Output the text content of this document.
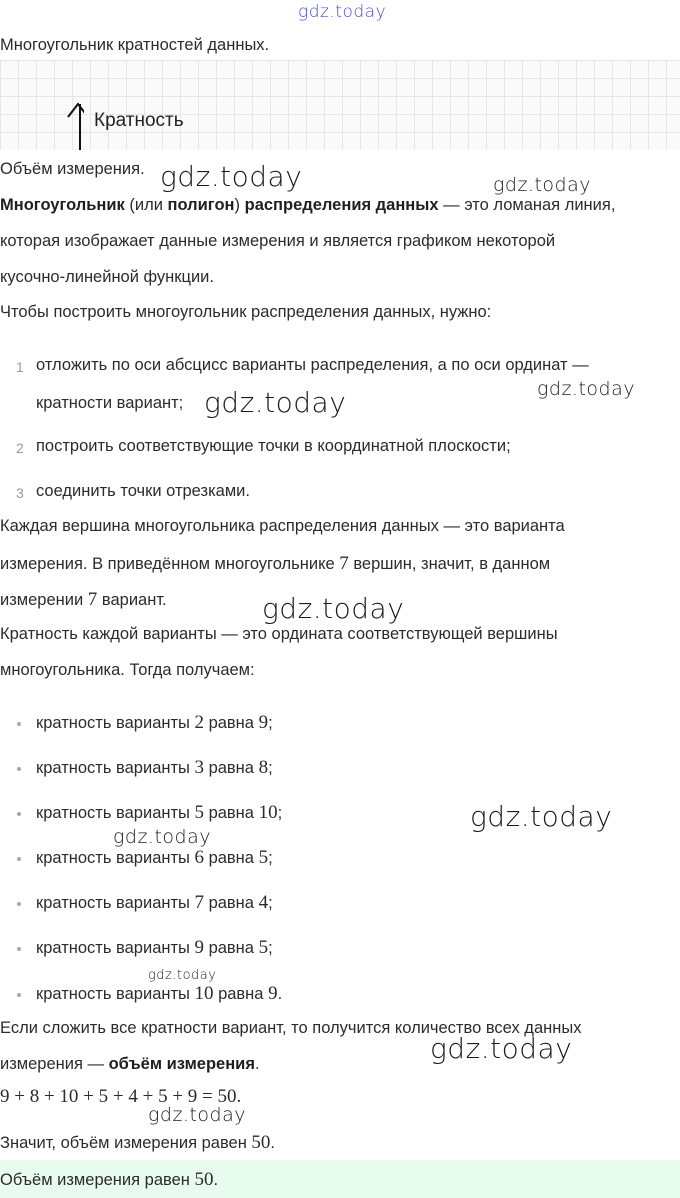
gdz.today
Многоугольник кратностей данных.
Кратность
Объём измерения. gdz.today	gdz.today
Многоугольник (или полигон) распределения данных — это ломаная линия,
которая изображает данные измерения и является графиком некоторой
кусочно-линейной функции.
Чтобы построить многоугольник распределения данных, нужно:
1 отложить по оси абсцисс варианты распределения, а по оси ординат —
кратности вариант; gdz.today	gdz.today
2 построить соответствующие точки в координатной плоскости;
3 соединить точки отрезками.
Каждая вершина многоугольника распределения данных — это варианта
измерения. В приведённом многоугольнике 7 вершин, значит, в данном
измерении 7 вариант.	gdz.today
Кратность каждой варианты — это ордината соответствующей вершины
многоугольника. Тогда получаем:
кратность варианты 2 равна 9;
кратность варианты 3 равна 8;
кратность варианты 5 равна 10;	gdz.today
gdz.today
кратность варианты 6 равна 5;
кратность варианты 7 равна 4;
кратность варианты 9 равна 5;
gdz.today
кратность варианты 10 равна 9.
Если сложить все кратности вариант, то получится количество всех данных
измерения — объём измерения.	gdz.today
9 + 8 + 10 + 5 + 4 + 5 + 9 = 50.
gdz.today
Значит, объём измерения равен 50.
Объём измерения равен 50.
